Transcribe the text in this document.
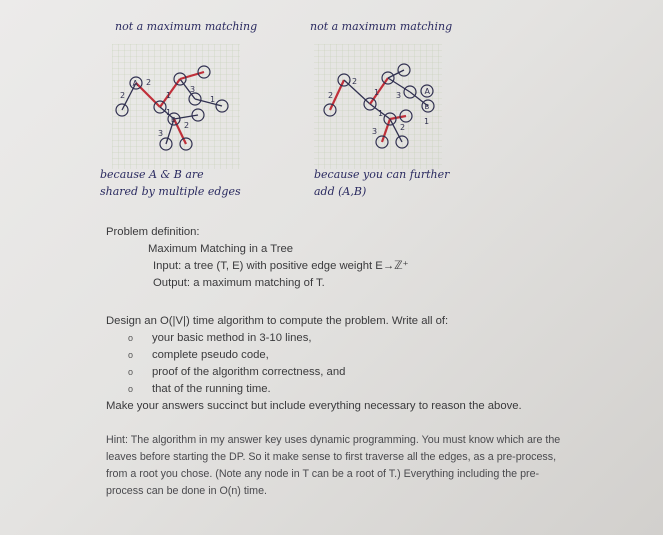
A
B
2
2	1
3
1
1
3
2
not a maximum matching
because A & B are
shared by multiple edges
A
B
2
2	1 3
1
1
3	2
not a maximum matching
because you can further
add (A,B)
Problem definition:
Maximum Matching in a Tree
Input: a tree (T, E) with positive edge weight E→ℤ⁺
Output: a maximum matching of T.
Design an O(|V|) time algorithm to compute the problem. Write all of:
o your basic method in 3-10 lines,
o complete pseudo code,
o proof of the algorithm correctness, and
o that of the running time.
Make your answers succinct but include everything necessary to reason the above.
Hint: The algorithm in my answer key uses dynamic programming. You must know which are the
leaves before starting the DP. So it make sense to first traverse all the edges, as a pre-process,
from a root you chose. (Note any node in T can be a root of T.) Everything including the pre-
process can be done in O(n) time.
